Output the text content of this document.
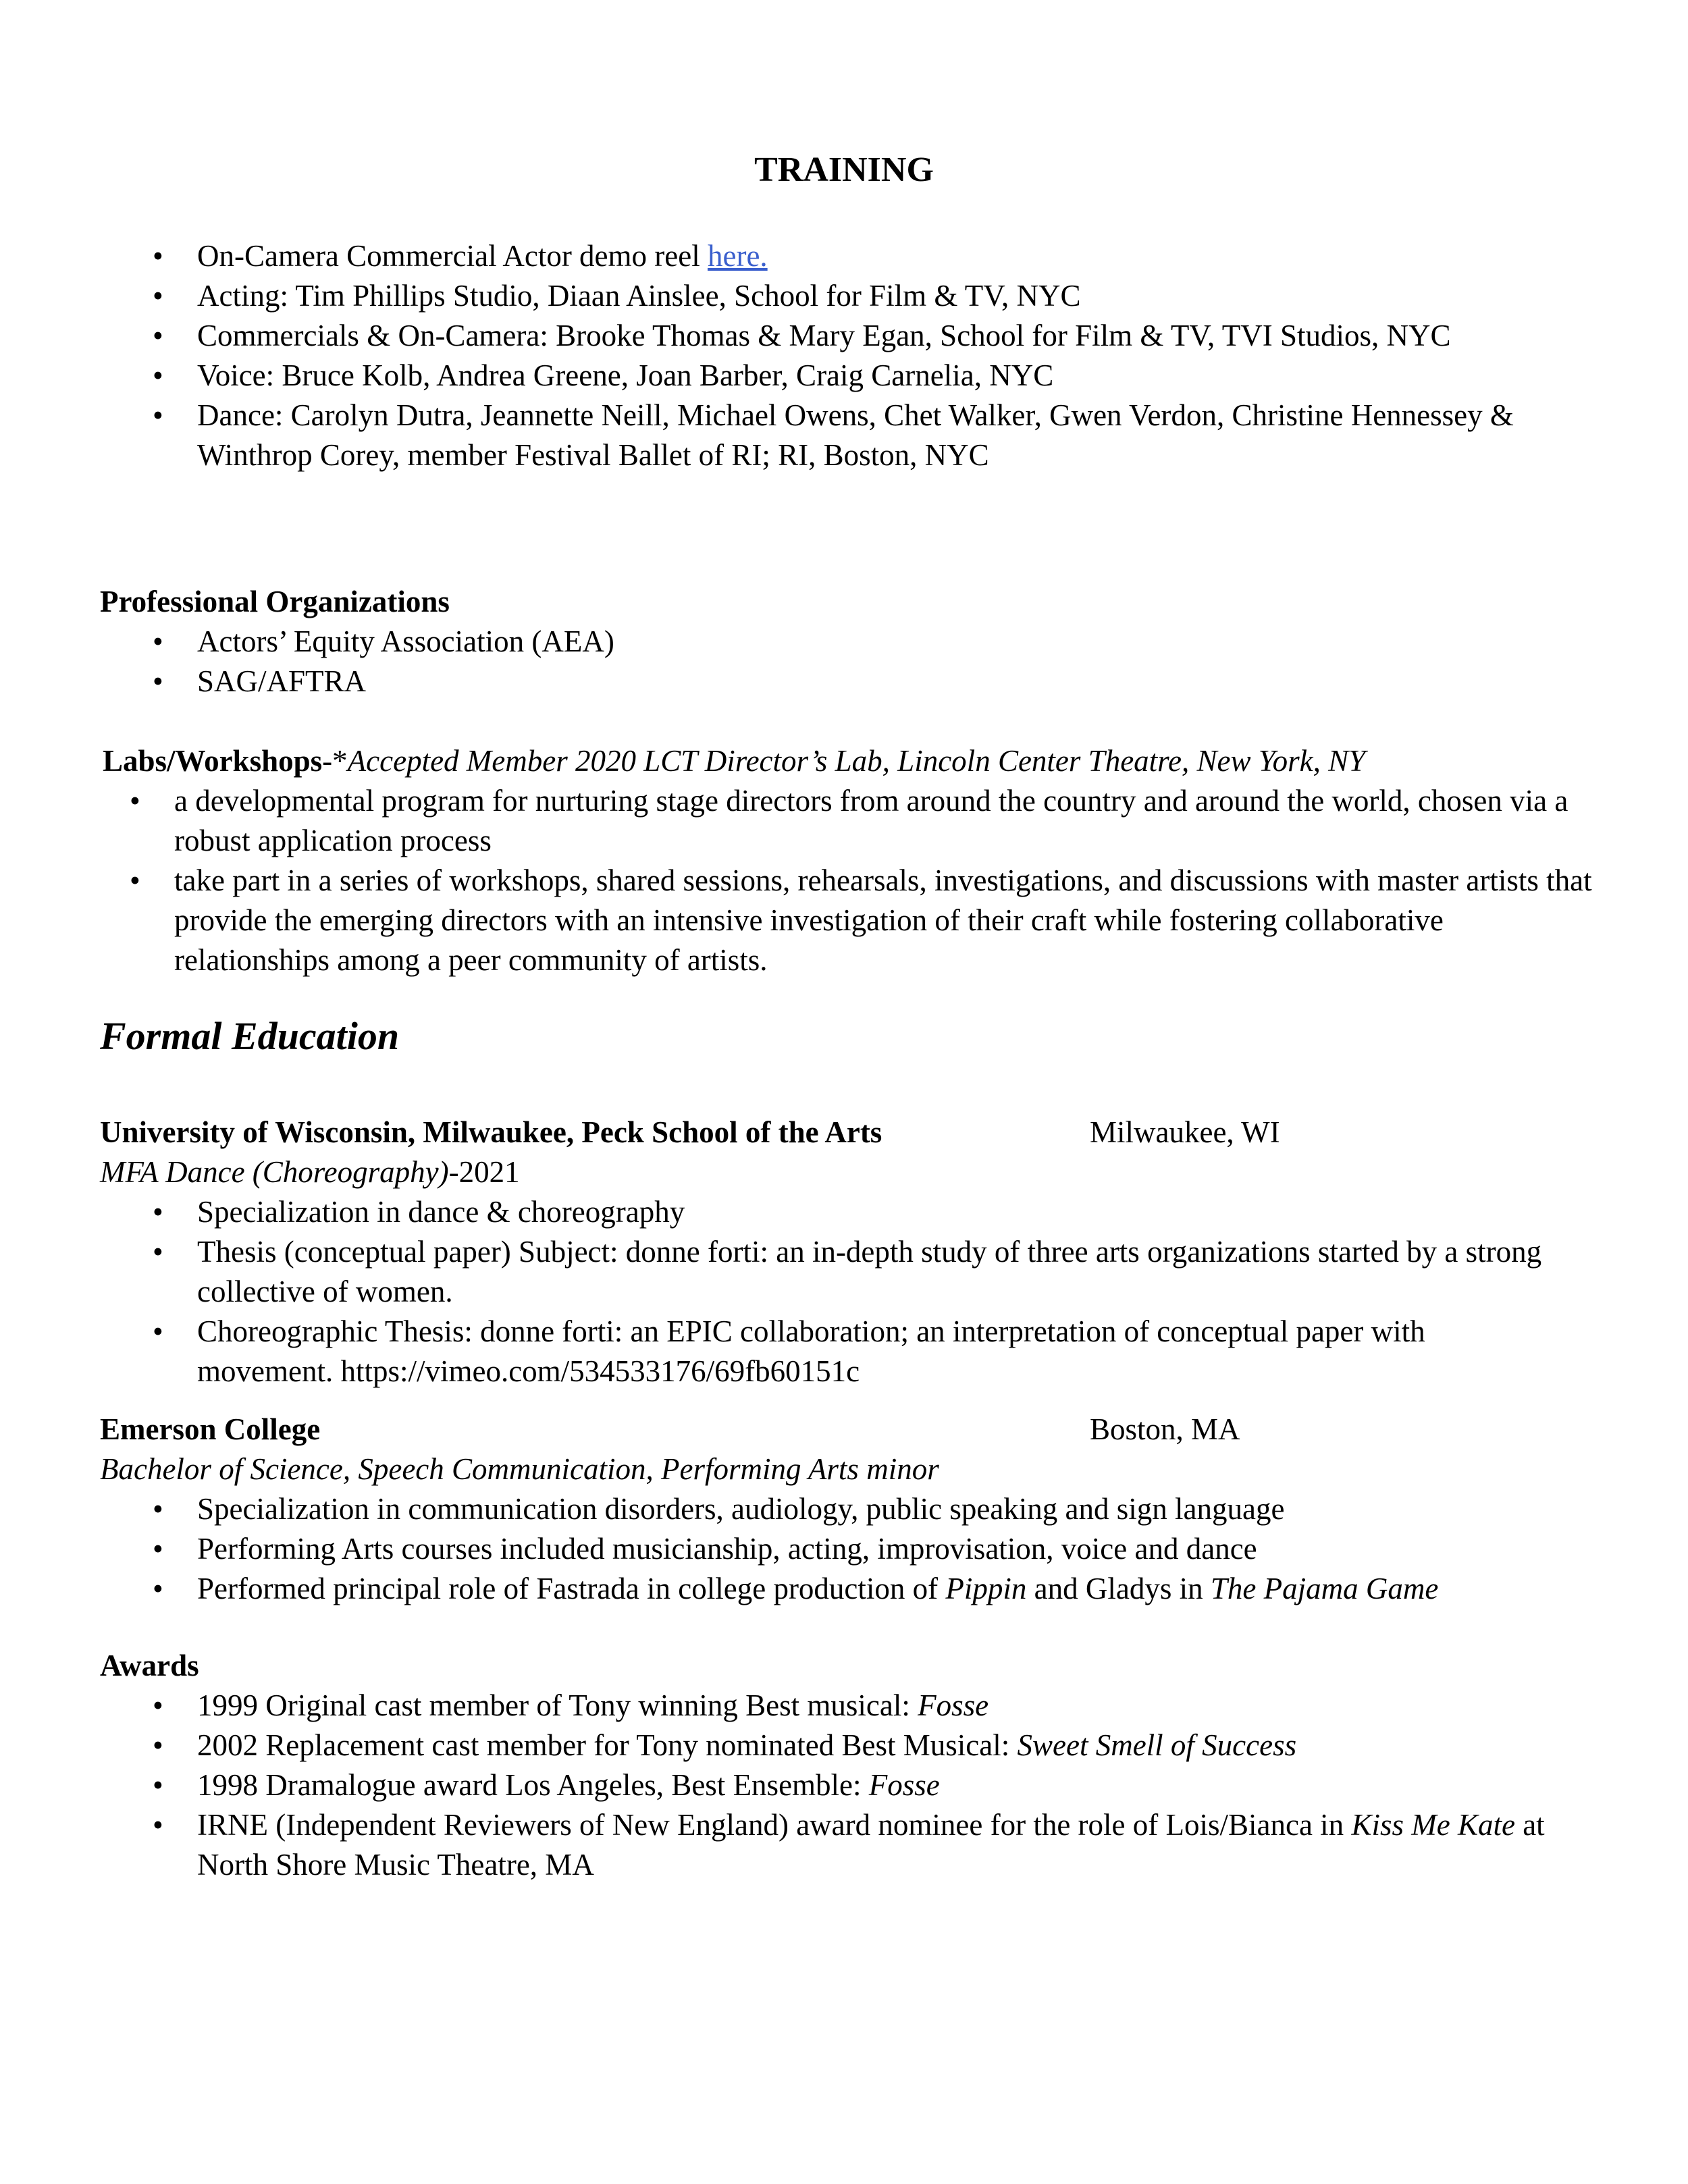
TRAINING
• On-Camera Commercial Actor demo reel here.
• Acting: Tim Phillips Studio, Diaan Ainslee, School for Film & TV, NYC
• Commercials & On-Camera: Brooke Thomas & Mary Egan, School for Film & TV, TVI Studios, NYC
• Voice: Bruce Kolb, Andrea Greene, Joan Barber, Craig Carnelia, NYC
• Dance: Carolyn Dutra, Jeannette Neill, Michael Owens, Chet Walker, Gwen Verdon, Christine Hennessey & Winthrop Corey, member Festival Ballet of RI; RI, Boston, NYC
Professional Organizations
• Actors’ Equity Association (AEA)
• SAG/AFTRA
Labs/Workshops-*Accepted Member 2020 LCT Director’s Lab, Lincoln Center Theatre, New York, NY
• a developmental program for nurturing stage directors from around the country and around the world, chosen via a robust application process
• take part in a series of workshops, shared sessions, rehearsals, investigations, and discussions with master artists that provide the emerging directors with an intensive investigation of their craft while fostering collaborative relationships among a peer community of artists.
Formal Education
University of Wisconsin, Milwaukee, Peck School of the Arts	Milwaukee, WI
MFA Dance (Choreography)-2021
• Specialization in dance & choreography
• Thesis (conceptual paper) Subject: donne forti: an in-depth study of three arts organizations started by a strong collective of women.
• Choreographic Thesis: donne forti: an EPIC collaboration; an interpretation of conceptual paper with movement. https://vimeo.com/534533176/69fb60151c
Emerson College	Boston, MA
Bachelor of Science, Speech Communication, Performing Arts minor
• Specialization in communication disorders, audiology, public speaking and sign language
• Performing Arts courses included musicianship, acting, improvisation, voice and dance
• Performed principal role of Fastrada in college production of Pippin and Gladys in The Pajama Game
Awards
• 1999 Original cast member of Tony winning Best musical: Fosse
• 2002 Replacement cast member for Tony nominated Best Musical: Sweet Smell of Success
• 1998 Dramalogue award Los Angeles, Best Ensemble: Fosse
• IRNE (Independent Reviewers of New England) award nominee for the role of Lois/Bianca in Kiss Me Kate at North Shore Music Theatre, MA
